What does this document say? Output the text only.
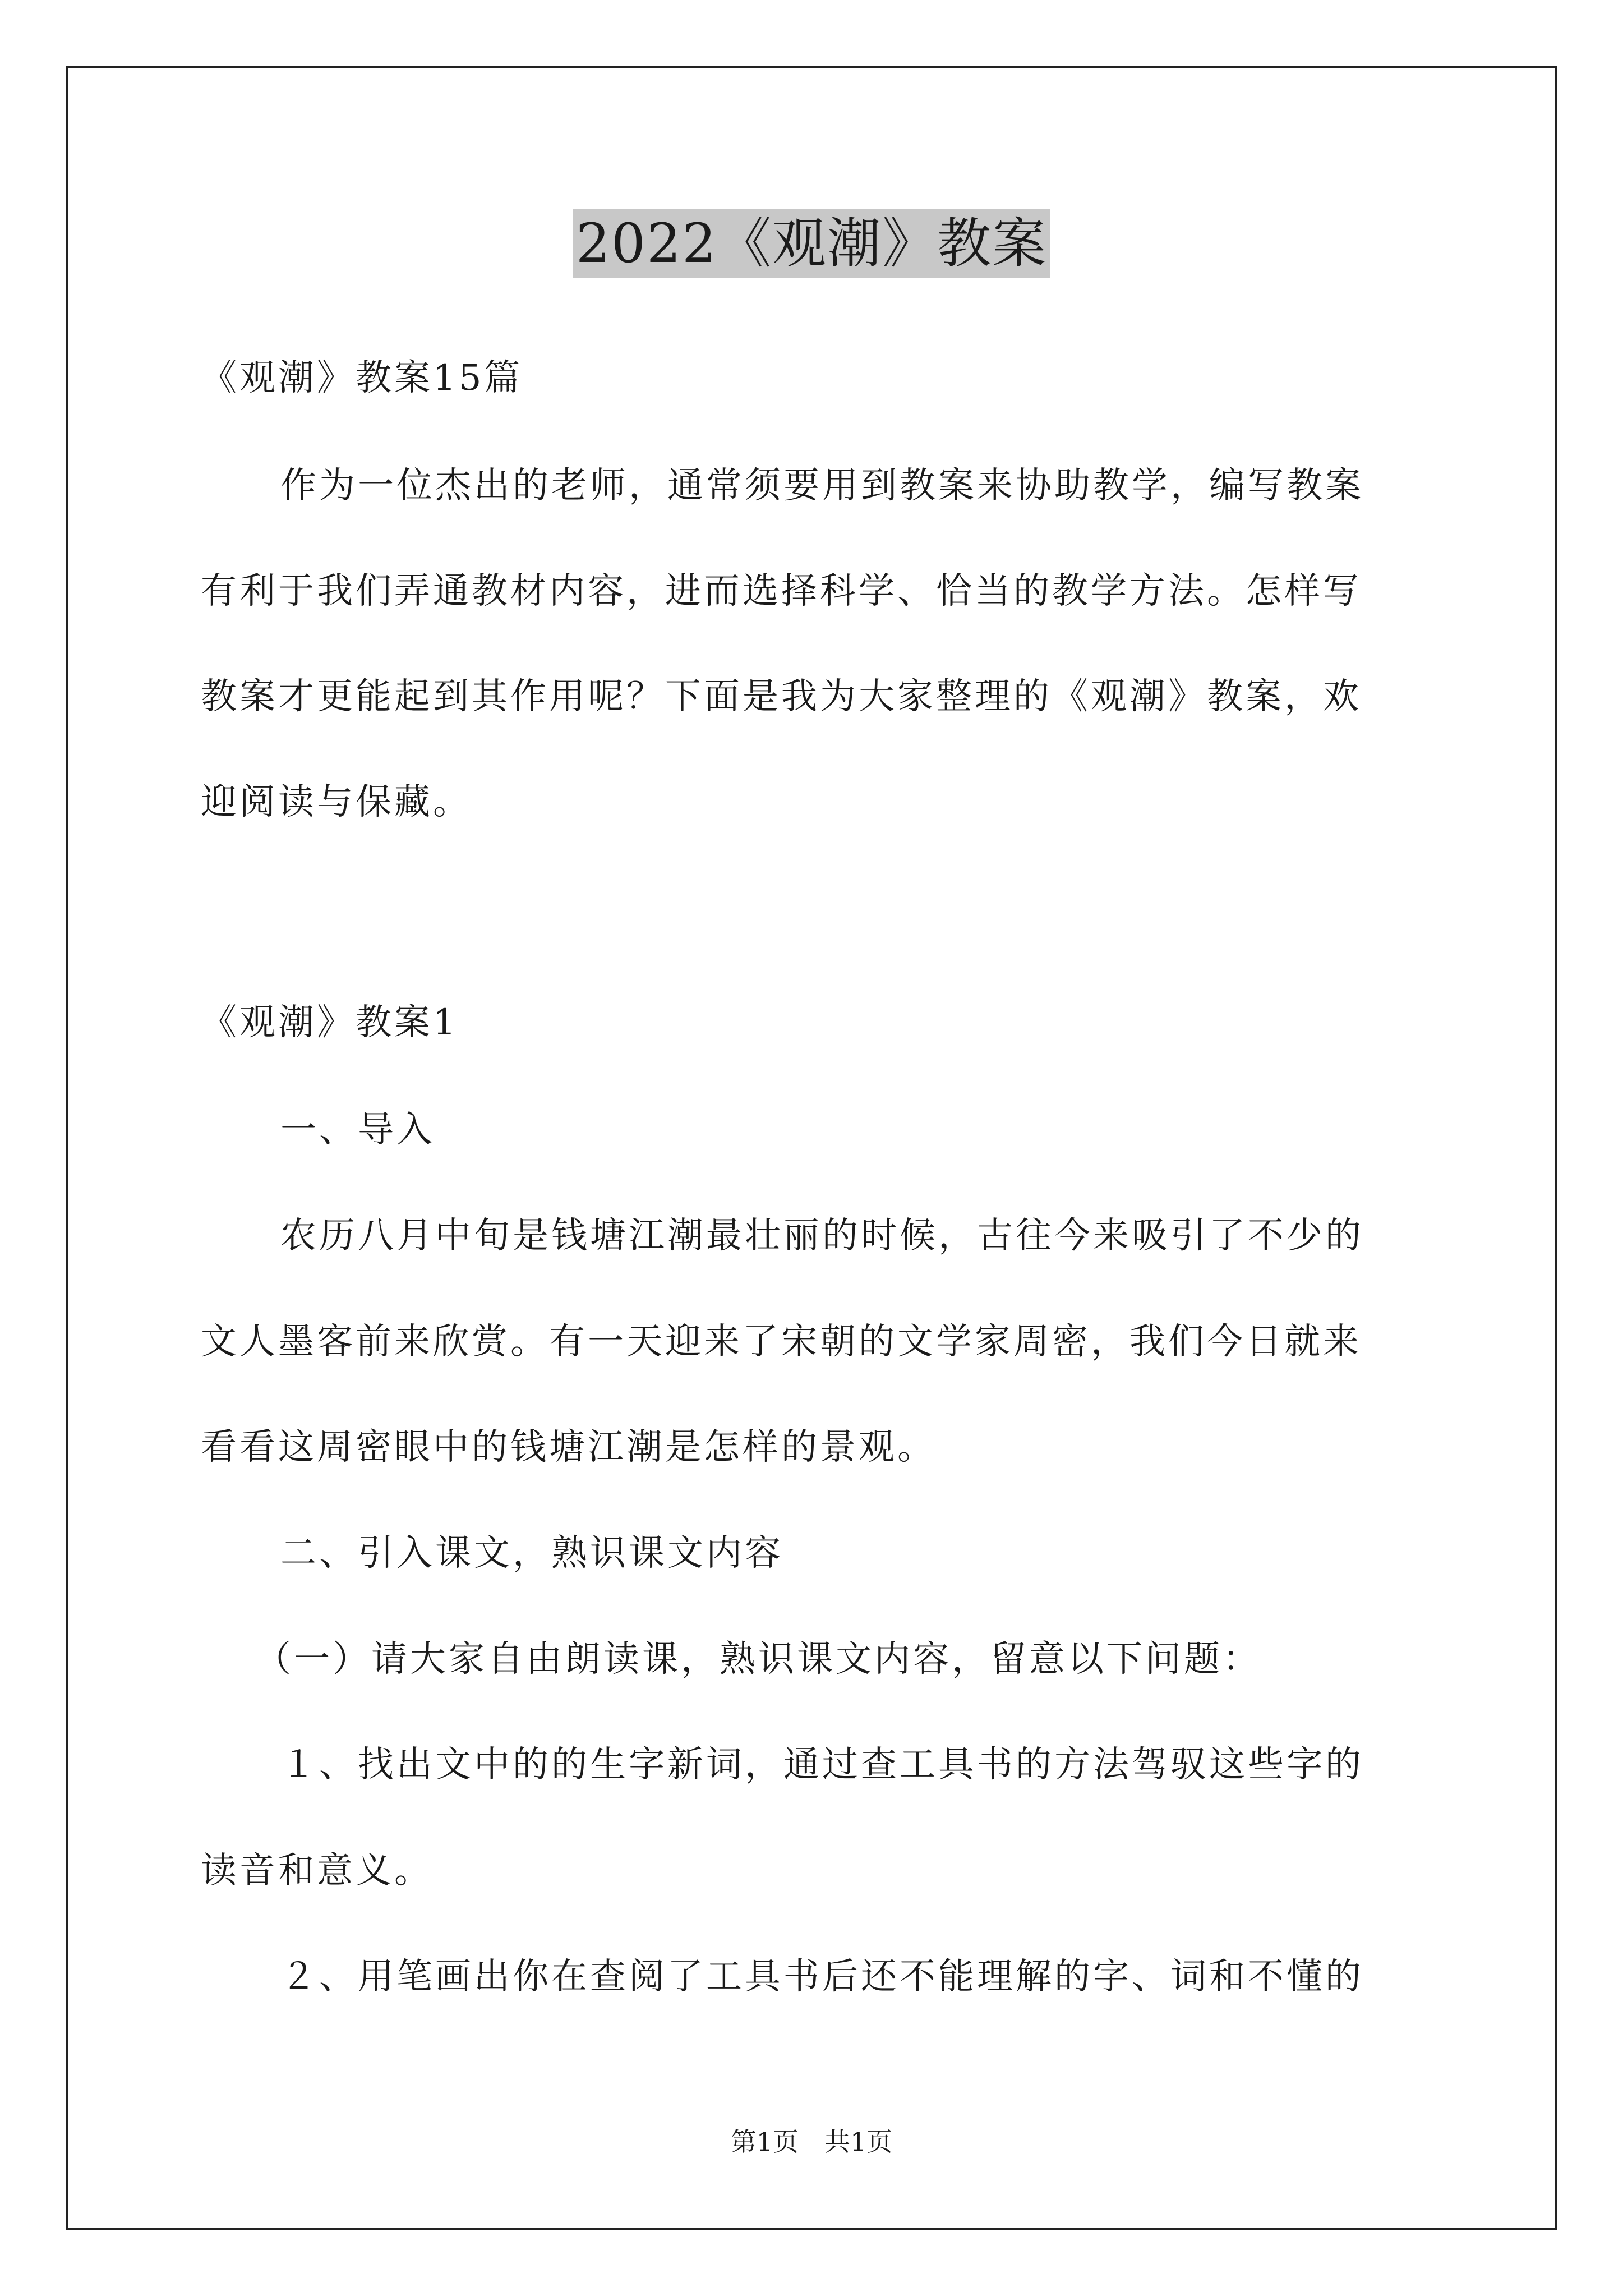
2022《观潮》教案
《观潮》教案15篇
作为一位杰出的老师，通常须要用到教案来协助教学，编写教案
有利于我们弄通教材内容，进而选择科学、恰当的教学方法。怎样写
教案才更能起到其作用呢？下面是我为大家整理的《观潮》教案，欢
迎阅读与保藏。
《观潮》教案1
一、导入
农历八月中旬是钱塘江潮最壮丽的时候，古往今来吸引了不少的
文人墨客前来欣赏。有一天迎来了宋朝的文学家周密，我们今日就来
看看这周密眼中的钱塘江潮是怎样的景观。
二、引入课文，熟识课文内容
（一）请大家自由朗读课，熟识课文内容，留意以下问题：
１、找出文中的的生字新词，通过查工具书的方法驾驭这些字的
读音和意义。
２、用笔画出你在查阅了工具书后还不能理解的字、词和不懂的
第1页　共1页
